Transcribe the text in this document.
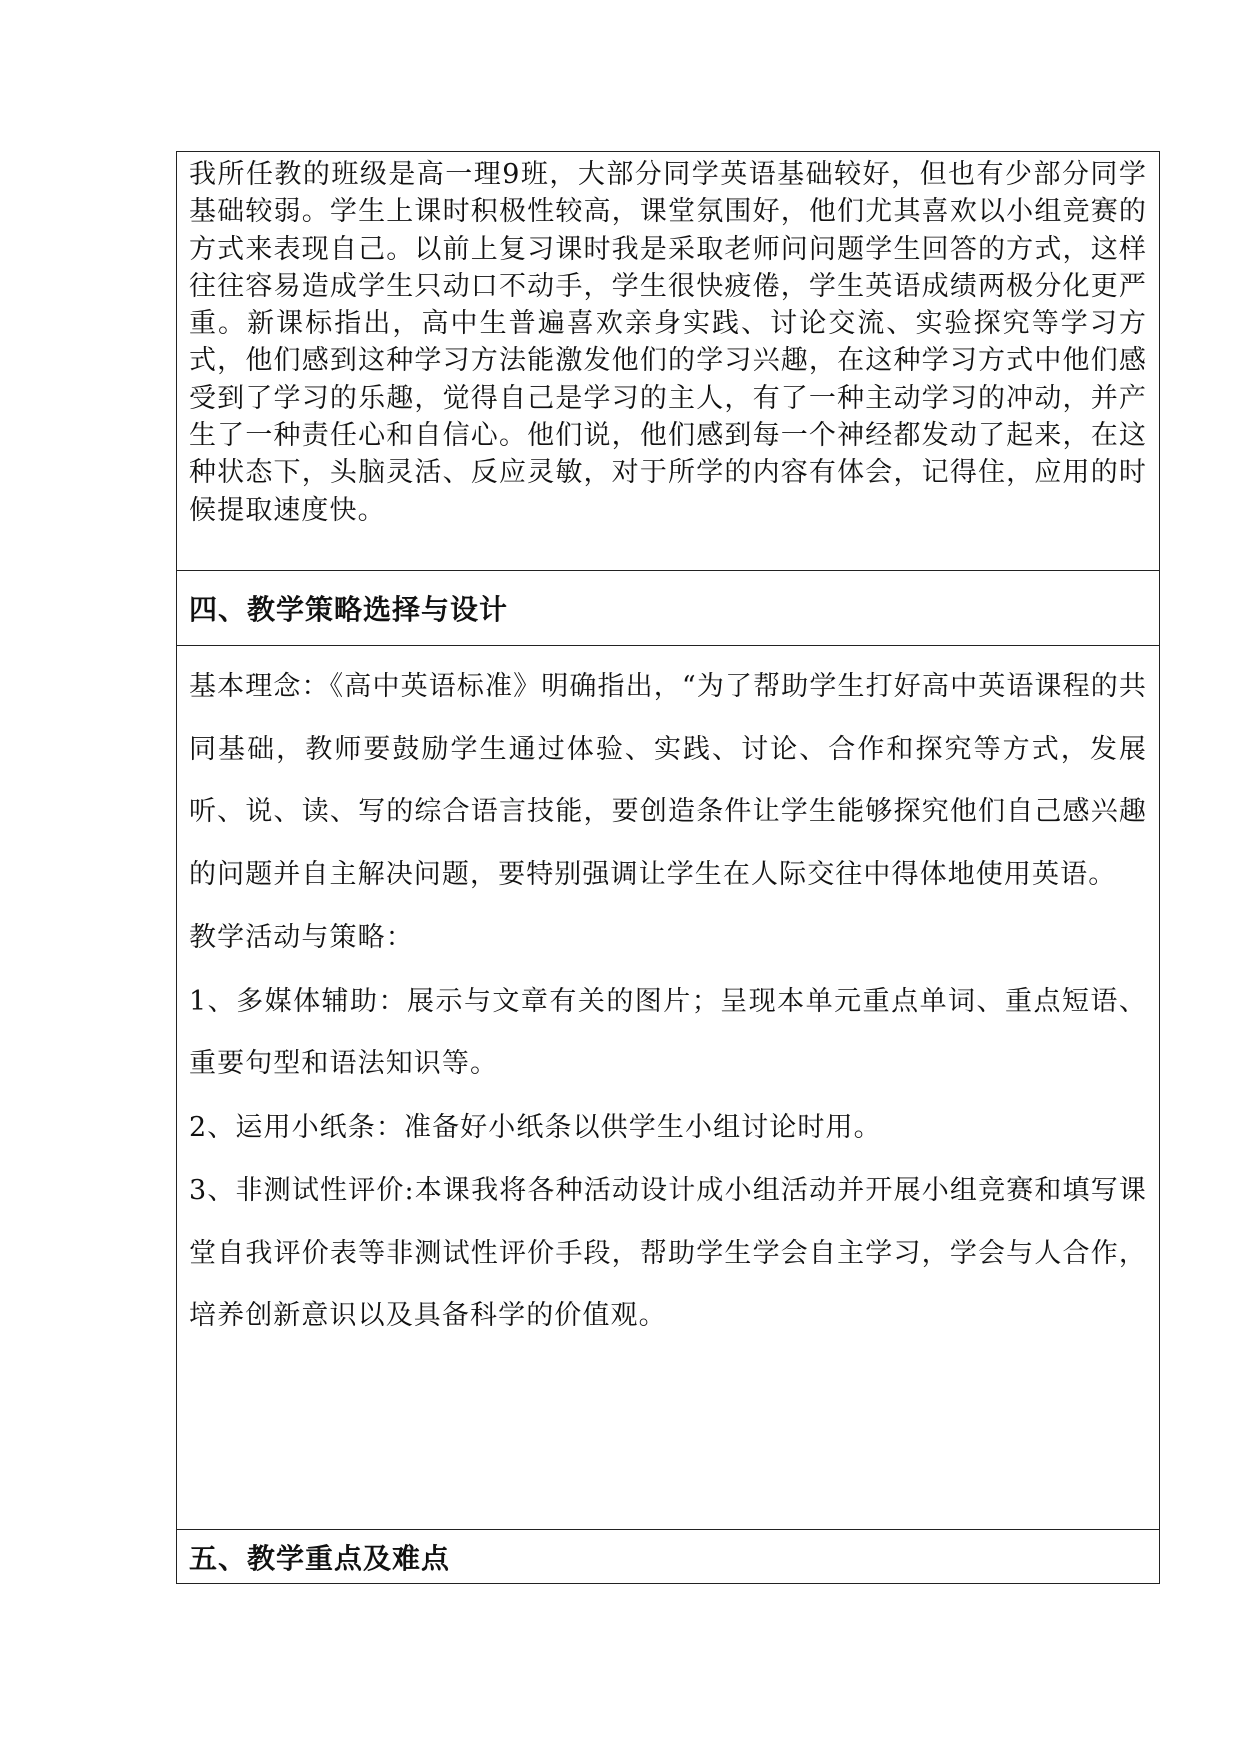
我所任教的班级是高一理9班，大部分同学英语基础较好，但也有少部分同学基础较弱。学生上课时积极性较高，课堂氛围好，他们尤其喜欢以小组竞赛的方式来表现自己。以前上复习课时我是采取老师问问题学生回答的方式，这样往往容易造成学生只动口不动手，学生很快疲倦，学生英语成绩两极分化更严重。新课标指出，高中生普遍喜欢亲身实践、讨论交流、实验探究等学习方式，他们感到这种学习方法能激发他们的学习兴趣，在这种学习方式中他们感受到了学习的乐趣，觉得自己是学习的主人，有了一种主动学习的冲动，并产生了一种责任心和自信心。他们说，他们感到每一个神经都发动了起来，在这种状态下，头脑灵活、反应灵敏，对于所学的内容有体会，记得住，应用的时候提取速度快。

四、教学策略选择与设计

基本理念：《高中英语标准》明确指出，“为了帮助学生打好高中英语课程的共同基础，教师要鼓励学生通过体验、实践、讨论、合作和探究等方式，发展听、说、读、写的综合语言技能，要创造条件让学生能够探究他们自己感兴趣的问题并自主解决问题，要特别强调让学生在人际交往中得体地使用英语。

教学活动与策略：

1、多媒体辅助：展示与文章有关的图片；呈现本单元重点单词、重点短语、重要句型和语法知识等。

2、运用小纸条：准备好小纸条以供学生小组讨论时用。

3、非测试性评价:本课我将各种活动设计成小组活动并开展小组竞赛和填写课堂自我评价表等非测试性评价手段，帮助学生学会自主学习，学会与人合作，培养创新意识以及具备科学的价值观。

五、教学重点及难点
